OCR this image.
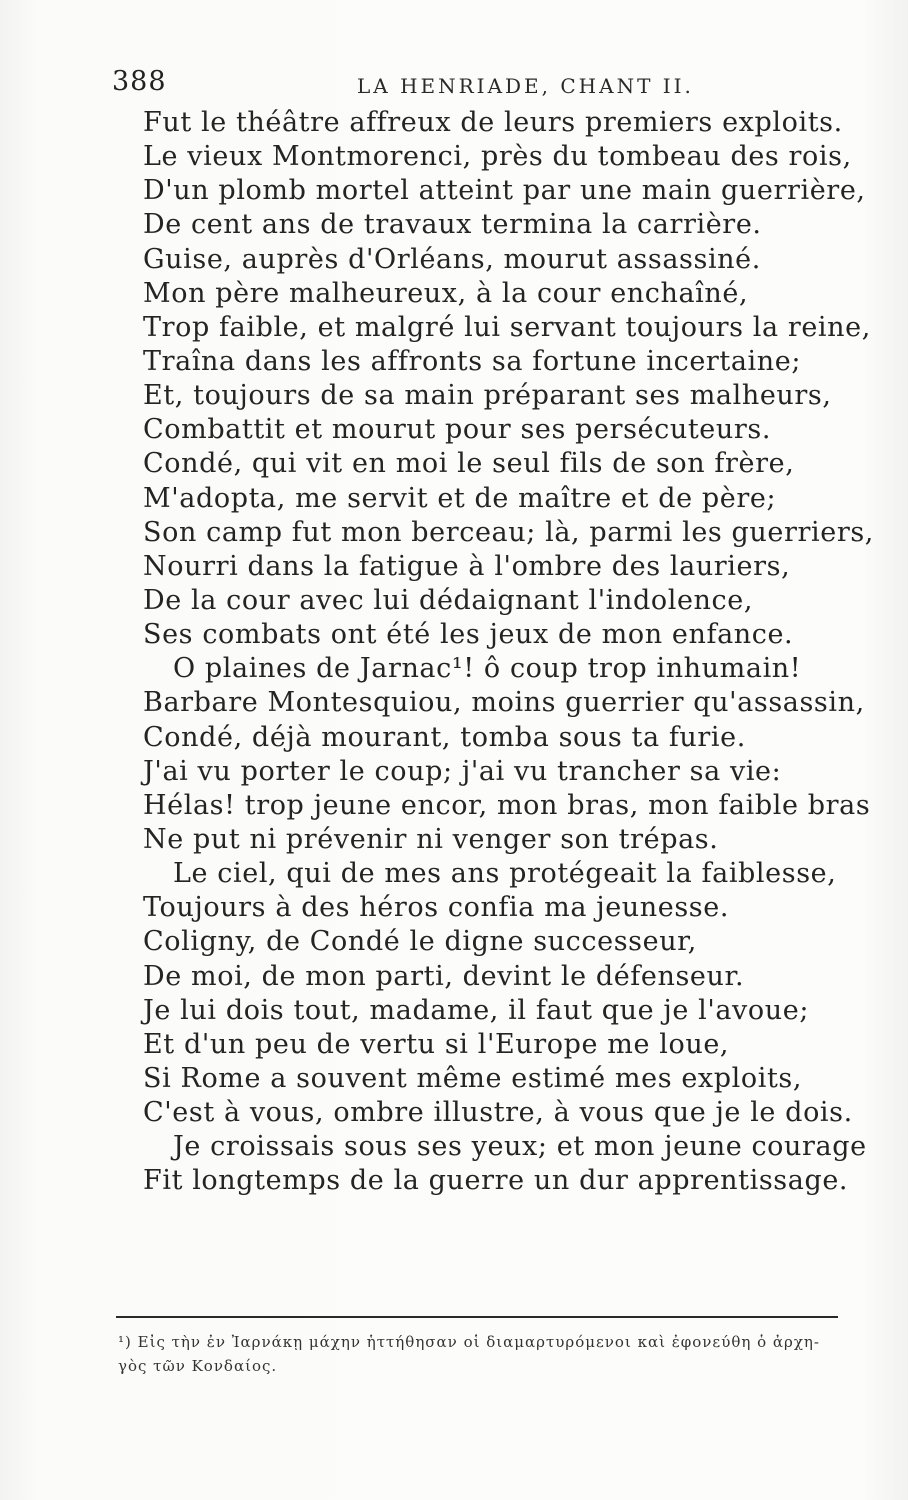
388	LA HENRIADE, CHANT II.
Fut le théâtre affreux de leurs premiers exploits.
Le vieux Montmorenci, près du tombeau des rois,
D'un plomb mortel atteint par une main guerrière,
De cent ans de travaux termina la carrière.
Guise, auprès d'Orléans, mourut assassiné.
Mon père malheureux, à la cour enchaîné,
Trop faible, et malgré lui servant toujours la reine,
Traîna dans les affronts sa fortune incertaine;
Et, toujours de sa main préparant ses malheurs,
Combattit et mourut pour ses persécuteurs.
Condé, qui vit en moi le seul fils de son frère,
M'adopta, me servit et de maître et de père;
Son camp fut mon berceau; là, parmi les guerriers,
Nourri dans la fatigue à l'ombre des lauriers,
De la cour avec lui dédaignant l'indolence,
Ses combats ont été les jeux de mon enfance.
O plaines de Jarnac¹! ô coup trop inhumain!
Barbare Montesquiou, moins guerrier qu'assassin,
Condé, déjà mourant, tomba sous ta furie.
J'ai vu porter le coup; j'ai vu trancher sa vie:
Hélas! trop jeune encor, mon bras, mon faible bras
Ne put ni prévenir ni venger son trépas.
Le ciel, qui de mes ans protégeait la faiblesse,
Toujours à des héros confia ma jeunesse.
Coligny, de Condé le digne successeur,
De moi, de mon parti, devint le défenseur.
Je lui dois tout, madame, il faut que je l'avoue;
Et d'un peu de vertu si l'Europe me loue,
Si Rome a souvent même estimé mes exploits,
C'est à vous, ombre illustre, à vous que je le dois.
Je croissais sous ses yeux; et mon jeune courage
Fit longtemps de la guerre un dur apprentissage.
¹) Εἰς τὴν ἐν Ἰαρνάκῃ μάχην ἡττήθησαν οἱ διαμαρτυρόμενοι καὶ ἐφονεύθη ὁ ἀρχη-
γὸς τῶν Κονδαίος.
